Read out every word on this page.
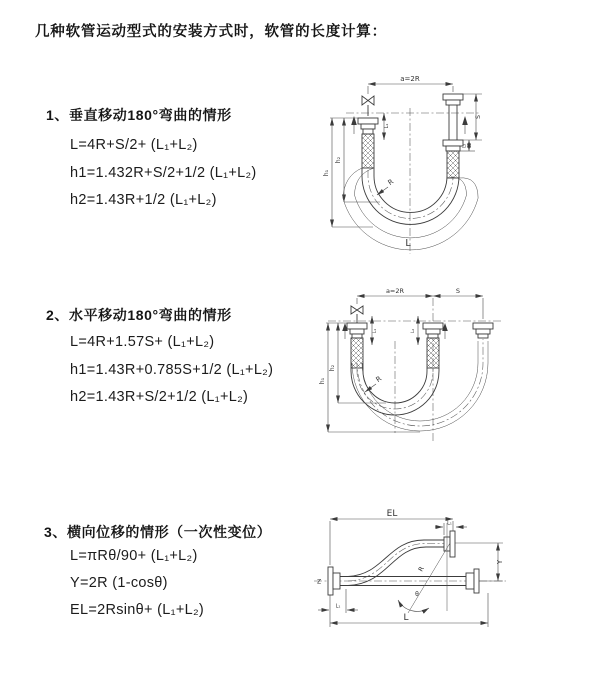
几种软管运动型式的安装方式时，软管的长度计算：
1、垂直移动180°弯曲的情形
L=4R+S/2+ (L₁+L₂)
h1=1.432R+S/2+1/2 (L₁+L₂)
h2=1.43R+1/2 (L₁+L₂)
2、水平移动180°弯曲的情形
L=4R+1.57S+ (L₁+L₂)
h1=1.43R+0.785S+1/2 (L₁+L₂)
h2=1.43R+S/2+1/2 (L₁+L₂)
3、横向位移的情形（一次性变位）
L=πRθ/90+ (L₁+L₂)
Y=2R (1-cosθ)
EL=2Rsinθ+ (L₁+L₂)
a=2R
S
L₂
h₁
h₂
L₁
R
L
a=2R	S
L₁	L₂
h₁
h₂
R
EL
L₁
Z
Y
R
θ
L₁
L
